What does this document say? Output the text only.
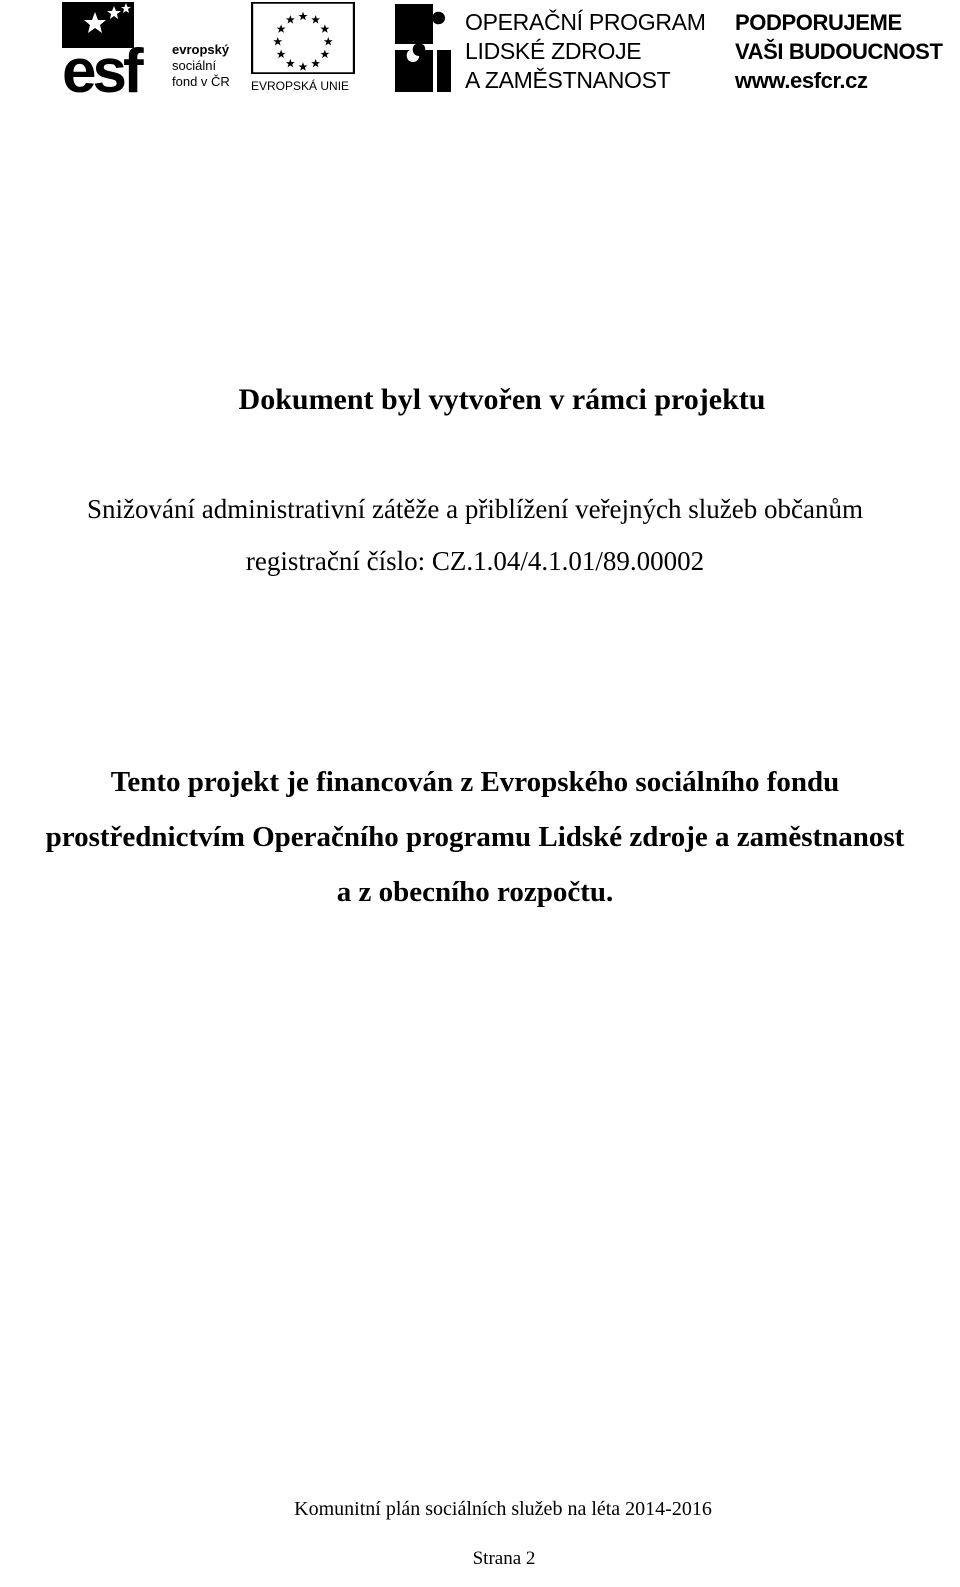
esf	evropský
sociální
fond v ČR EVROPSKÁ UNIE
OPERAČNÍ PROGRAM
LIDSKÉ ZDROJE
A ZAMĚSTNANOST
PODPORUJEME
VAŠI BUDOUCNOST
www.esfcr.cz
Dokument byl vytvořen v rámci projektu
Snižování administrativní zátěže a přiblížení veřejných služeb občanům
registrační číslo: CZ.1.04/4.1.01/89.00002
Tento projekt je financován z Evropského sociálního fondu
prostřednictvím Operačního programu Lidské zdroje a zaměstnanost
a z obecního rozpočtu.
Komunitní plán sociálních služeb na léta 2014-2016
Strana 2
